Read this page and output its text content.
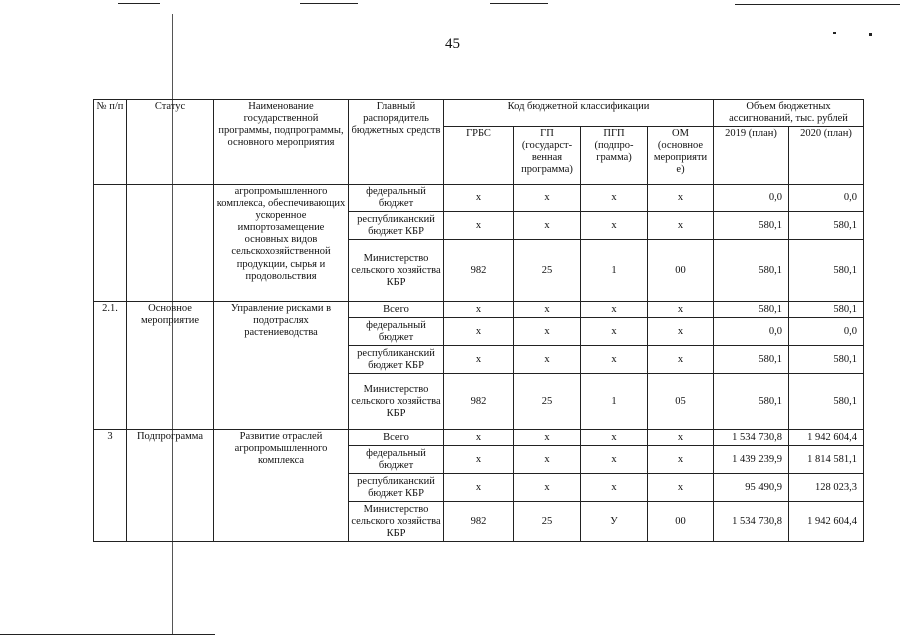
45
№ п/п	Статус	Наименование государственной программы, подпрограммы, основного мероприятия	Главный распорядитель бюджетных средств	Код бюджетной классификации				Объем бюджетных ассигнований, тыс. рублей	
				ГРБС	ГП (государст-венная программа)	ПГП (подпро-грамма)	ОМ (основное мероприяти е)	2019 (план)	2020 (план)
		агропромышленного комплекса, обеспечивающих ускоренное импортозамещение основных видов сельскохозяйственной продукции, сырья и продовольствия	федеральный бюджет	x	x	x	x	0,0	0,0
			республиканский бюджет КБР	x	x	x	x	580,1	580,1
			Министерство сельского хозяйства КБР	982	25	1	00	580,1	580,1
2.1.	Основное мероприятие	Управление рисками в подотраслях растениеводства	Всего	x	x	x	x	580,1	580,1
			федеральный бюджет	x	x	x	x	0,0	0,0
			республиканский бюджет КБР	x	x	x	x	580,1	580,1
			Министерство сельского хозяйства КБР	982	25	1	05	580,1	580,1
3	Подпрограмма	Развитие отраслей агропромышленного комплекса	Всего	x	x	x	x	1 534 730,8	1 942 604,4
			федеральный бюджет	x	x	x	x	1 439 239,9	1 814 581,1
			республиканский бюджет КБР	x	x	x	x	95 490,9	128 023,3
			Министерство сельского хозяйства КБР	982	25	У	00	1 534 730,8	1 942 604,4
